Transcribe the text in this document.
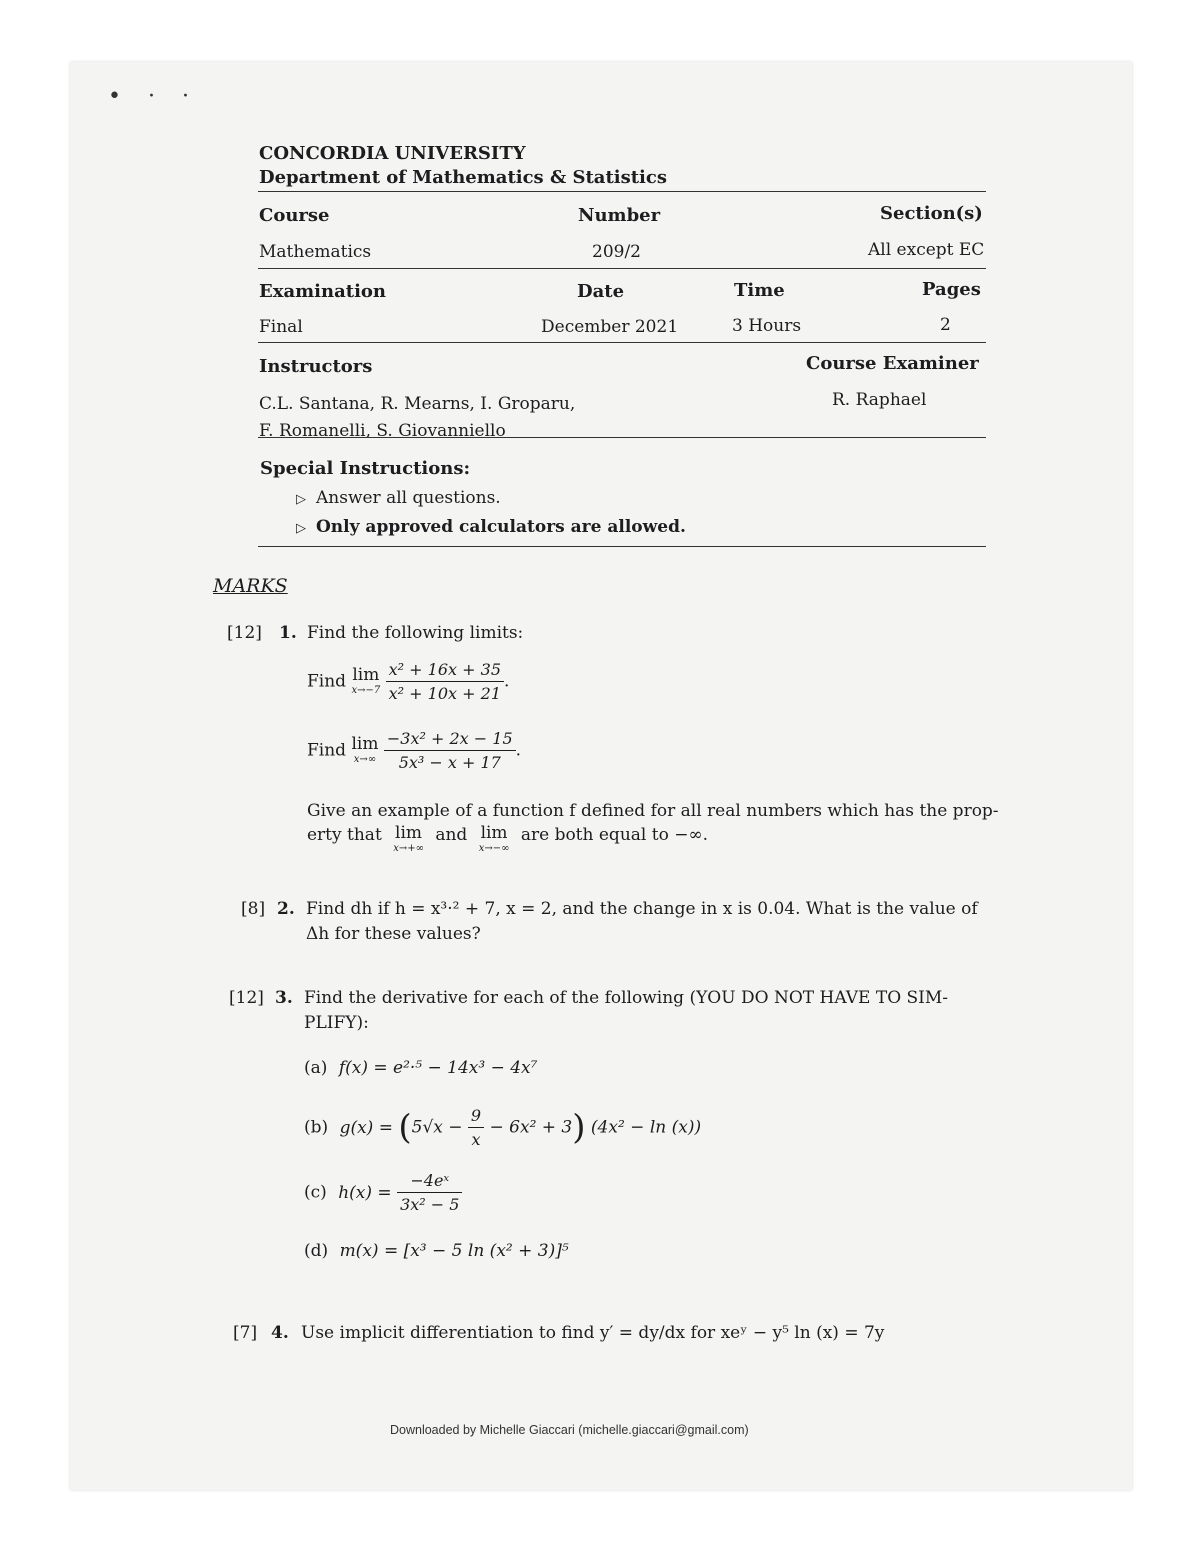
• · ·
CONCORDIA UNIVERSITY
Department of Mathematics & Statistics
Course	Number	Section(s)
Mathematics	209/2	All except EC
Examination	Date	Time	Pages
Final	December 2021	3 Hours	2
Instructors	Course Examiner
C.L. Santana, R. Mearns, I. Groparu,	R. Raphael
F. Romanelli, S. Giovanniello
Special Instructions:
▷ Answer all questions.
▷ Only approved calculators are allowed.
MARKS
[12] 1. Find the following limits:
Find lim
x→−7
$\frac{\text{x² + 16x + 35}}{\text{x² + 10x + 21}}$ .
Find lim
x→∞
$\frac{\text{−3x² + 2x − 15}}{\text{5x³ − x + 17}}$ .
Give an example of a function f defined for all real numbers which has the prop-
erty that lim
x→+∞
and lim
x→−∞
are both equal to −∞.
[8] 2. Find dh if h = x³·² + 7, x = 2, and the change in x is 0.04. What is the value of
Δh for these values?
[12] 3. Find the derivative for each of the following (YOU DO NOT HAVE TO SIM-
PLIFY):
(a) f(x) = e²·⁵ − 14x³ − 4x⁷
(b) $g(x) = (5√x - \frac{9}{x} - 6x^2 + 3)$ (4x² − ln (x))
(c) $h(x) = \frac{\text{−4eˣ}}{\text{3x² − 5}}$
(d) m(x) = [x³ − 5 ln (x² + 3)]⁵
[7] 4. Use implicit differentiation to find y′ = dy/dx for xeʸ − y⁵ ln (x) = 7y
Downloaded by Michelle Giaccari (michelle.giaccari@gmail.com)
